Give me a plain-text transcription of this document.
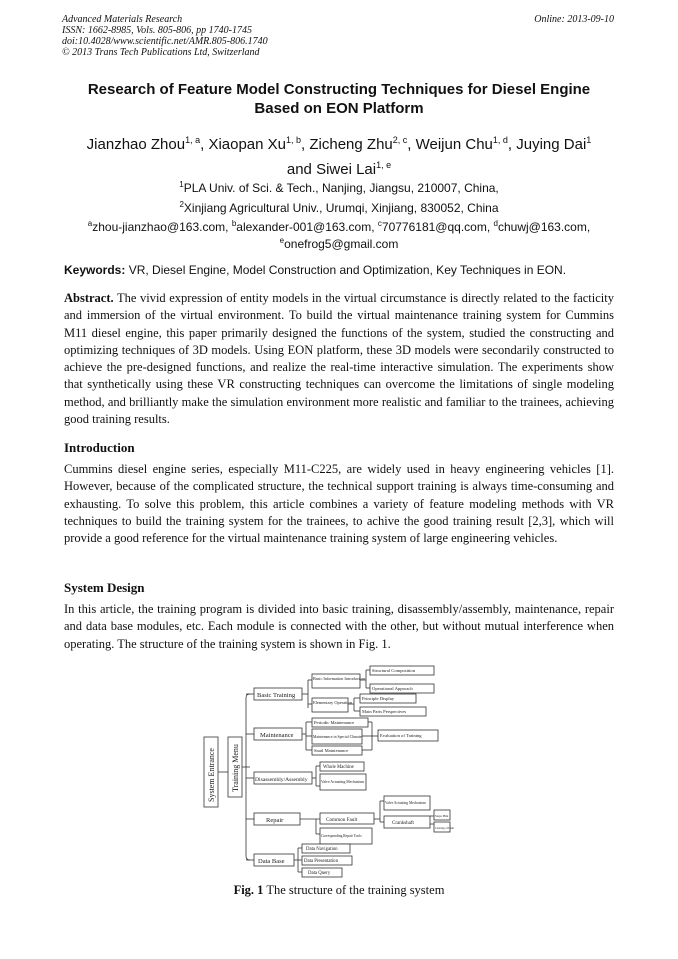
Advanced Materials Research
ISSN: 1662-8985, Vols. 805-806, pp 1740-1745
doi:10.4028/www.scientific.net/AMR.805-806.1740
© 2013 Trans Tech Publications Ltd, Switzerland
Online: 2013-09-10
Research of Feature Model Constructing Techniques for Diesel Engine
Based on EON Platform
Jianzhao Zhou$^{1, a}$, Xiaopan Xu$^{1, b}$, Zicheng Zhu$^{2, c}$, Weijun Chu$^{1, d}$, Juying Dai$^1$
and Siwei Lai$^{1, e}$
$^1$PLA Univ. of Sci. & Tech., Nanjing, Jiangsu, 210007, China,
$^2$Xinjiang Agricultural Univ., Urumqi, Xinjiang, 830052, China
$^a$zhou-jianzhao@163.com, $^b$alexander-001@163.com, $^c$70776181@qq.com, $^d$chuwj@163.com,
$^e$onefrog5@gmail.com
Keywords: VR, Diesel Engine, Model Construction and Optimization, Key Techniques in EON.
Abstract. The vivid expression of entity models in the virtual circumstance is directly related to the facticity and immersion of the virtual environment. To build the virtual maintenance training system for Cummins M11 diesel engine, this paper primarily designed the functions of the system, studied the constructing and optimizing techniques of 3D models. Using EON platform, these 3D models were secondarily constructed to achieve the pre-designed functions, and realize the real-time interactive simulation. The experiments show that synthetically using these VR constructing techniques can overcome the limitations of single modeling method, and brilliantly make the simulation environment more realistic and familiar to the trainees, achieving good training results.
Introduction
Cummins diesel engine series, especially M11-C225, are widely used in heavy engineering vehicles [1]. However, because of the complicated structure, the technical support training is always time-consuming and exhausting. To solve this problem, this article combines a variety of feature modeling methods with VR techniques to build the training system for the trainees, to achive the good training result [2,3], which will provide a good reference for the virtual maintenance training system of large engineering vehicles.
System Design
In this article, the training program is divided into basic training, disassembly/assembly, maintenance, repair and data base modules, etc. Each module is connected with the other, but without mutual interference when operating. The structure of the training system is shown in Fig. 1.
System Entrance Training Menu
Basic Training
Maintenance
Disassembly/Assembly
Repair
Data Base
Basic Information Introduction
Elementary Operation
Structural Composition
Operational Approach
Principle Display
Main Parts Perspectives
Periodic Maintenance
Maintenance in Special Climate
Snail Maintenance
Evaluation of Training
Whole Machine
Valve Actuating Mechanism
Common Fault
Corresponding Repair Tools
Valve Actuating Mechanism
Crankshaft
Steps Hint
Clearing of Fault
Data Navigation
Data Presentation
Data Query
Fig. 1 The structure of the training system
